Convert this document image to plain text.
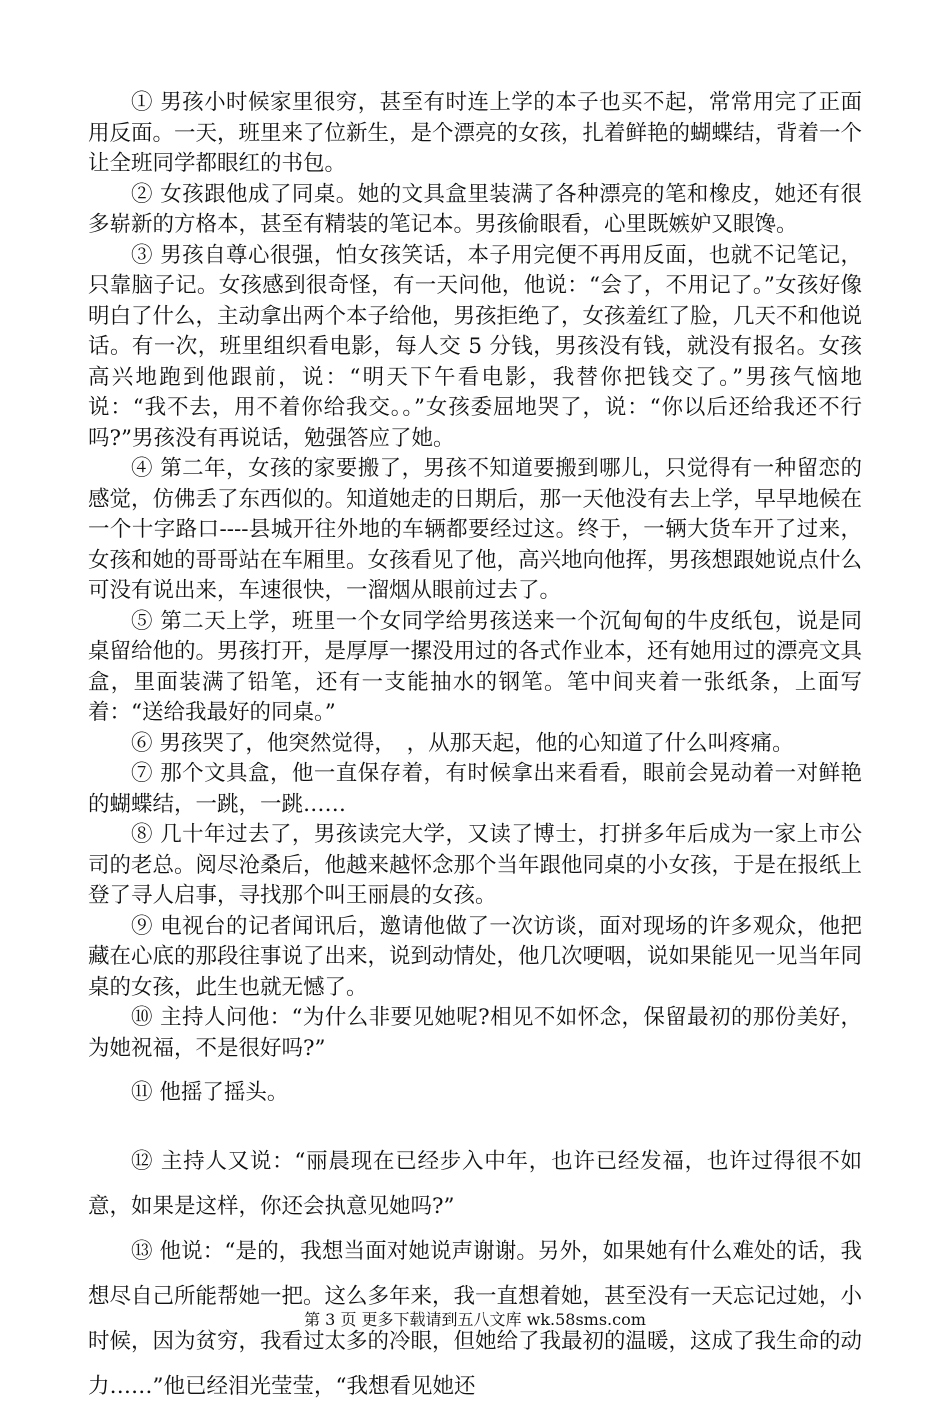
① 男孩小时候家里很穷，甚至有时连上学的本子也买不起，常常用完了正面用反面。一天，班里来了位新生，是个漂亮的女孩，扎着鲜艳的蝴蝶结，背着一个让全班同学都眼红的书包。

② 女孩跟他成了同桌。她的文具盒里装满了各种漂亮的笔和橡皮，她还有很多崭新的方格本，甚至有精装的笔记本。男孩偷眼看，心里既嫉妒又眼馋。

③ 男孩自尊心很强，怕女孩笑话，本子用完便不再用反面，也就不记笔记，只靠脑子记。女孩感到很奇怪，有一天问他，他说：“会了，不用记了。”女孩好像明白了什么，主动拿出两个本子给他，男孩拒绝了，女孩羞红了脸，几天不和他说话。有一次，班里组织看电影，每人交 5 分钱，男孩没有钱，就没有报名。女孩高兴地跑到他跟前，说：“明天下午看电影，我替你把钱交了。”男孩气恼地说：“我不去，用不着你给我交。。”女孩委屈地哭了，说：“你以后还给我还不行吗?”男孩没有再说话，勉强答应了她。

④ 第二年，女孩的家要搬了，男孩不知道要搬到哪儿，只觉得有一种留恋的感觉，仿佛丢了东西似的。知道她走的日期后，那一天他没有去上学，早早地候在一个十字路口----县城开往外地的车辆都要经过这。终于，一辆大货车开了过来，女孩和她的哥哥站在车厢里。女孩看见了他，高兴地向他挥，男孩想跟她说点什么可没有说出来，车速很快，一溜烟从眼前过去了。

⑤ 第二天上学，班里一个女同学给男孩送来一个沉甸甸的牛皮纸包，说是同桌留给他的。男孩打开，是厚厚一摞没用过的各式作业本，还有她用过的漂亮文具盒，里面装满了铅笔，还有一支能抽水的钢笔。笔中间夹着一张纸条，上面写着：“送给我最好的同桌。”

⑥ 男孩哭了，他突然觉得，　，从那天起，他的心知道了什么叫疼痛。

⑦ 那个文具盒，他一直保存着，有时候拿出来看看，眼前会晃动着一对鲜艳的蝴蝶结，一跳，一跳……

⑧ 几十年过去了，男孩读完大学，又读了博士，打拼多年后成为一家上市公司的老总。阅尽沧桑后，他越来越怀念那个当年跟他同桌的小女孩，于是在报纸上登了寻人启事，寻找那个叫王丽晨的女孩。

⑨ 电视台的记者闻讯后，邀请他做了一次访谈，面对现场的许多观众，他把藏在心底的那段往事说了出来，说到动情处，他几次哽咽，说如果能见一见当年同桌的女孩，此生也就无憾了。

⑩ 主持人问他：“为什么非要见她呢?相见不如怀念，保留最初的那份美好，为她祝福，不是很好吗?”

⑪ 他摇了摇头。

⑫ 主持人又说：“丽晨现在已经步入中年，也许已经发福，也许过得很不如意，如果是这样，你还会执意见她吗?”

⑬ 他说：“是的，我想当面对她说声谢谢。另外，如果她有什么难处的话，我想尽自己所能帮她一把。这么多年来，我一直想着她，甚至没有一天忘记过她，小时候，因为贫穷，我看过太多的冷眼，但她给了我最初的温暖，这成了我生命的动力……”他已经泪光莹莹，“我想看见她还

第 3 页 更多下载请到五八文库 wk.58sms.com
